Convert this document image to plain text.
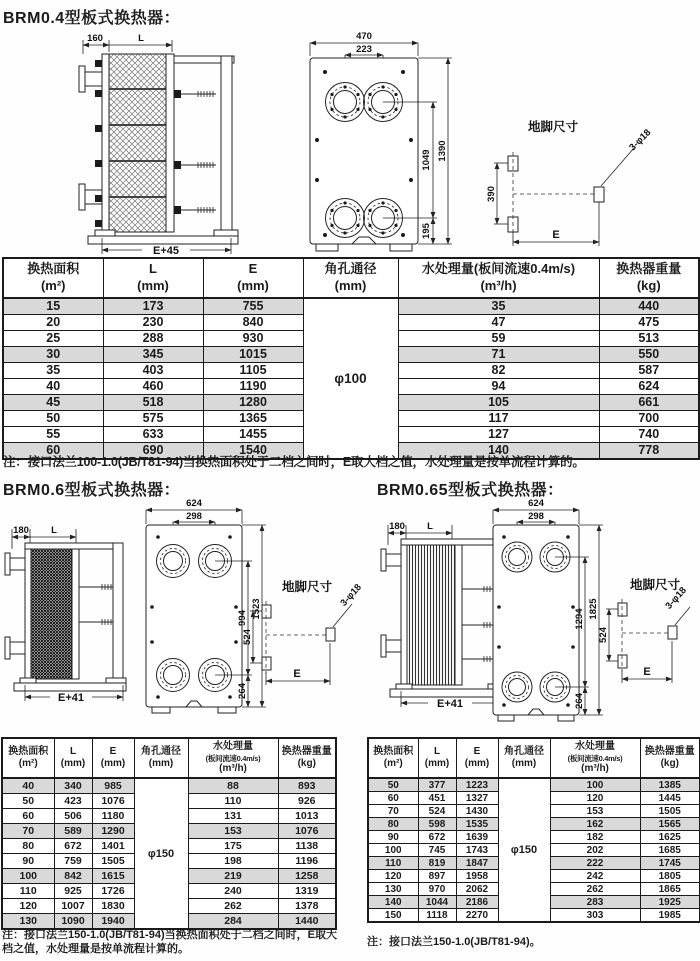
BRM0.4型板式换热器：
160	L
E+45
470
223
1049
195
1390
地脚尺寸
390
3-φ18
E
换热面积
(m²)

L
(mm)

E
(mm)

角孔通径
(mm)

水处理量(板间流速0.4m/s)
(m³/h)

换热器重量
(kg)

15	173	755	φ100	35	440
20	230	840		47	475
25	288	930		59	513
30	345	1015		71	550
35	403	1105		82	587
40	460	1190		94	624
45	518	1280		105	661
50	575	1365		117	700
55	633	1455		127	740
60	690	1540		140	778
注：接口法兰100-1.0(JB/T81-94)当换热面积处于二档之间时，E取大档之值，水处理量是按单流程计算的。
BRM0.6型板式换热器：	BRM0.65型板式换热器：
180 L
E+41
624
298
994
264
1523
地脚尺寸
524
3-φ18
E
180 L
E+41
624
298
1294
264
1825
地脚尺寸
524
3-φ18
E
换热面积
(m²)

L
(mm)

E
(mm)

角孔通径
(mm)

水处理量
(板间流速0.4m/s)
(m³/h)

换热器重量
(kg)

40	340	985	φ150	88	893
50	423	1076		110	926
60	506	1180		131	1013
70	589	1290		153	1076
80	672	1401		175	1138
90	759	1505		198	1196
100	842	1615		219	1258
110	925	1726		240	1319
120	1007	1830		262	1378
130	1090	1940		284	1440
换热面积
(m²)

L
(mm)

E
(mm)

角孔通径
(mm)

水处理量
(板间流速0.4m/s)
(m³/h)

换热器重量
(kg)

50	377	1223	φ150	100	1385
60	451	1327		120	1445
70	524	1430		153	1505
80	598	1535		162	1565
90	672	1639		182	1625
100	745	1743		202	1685
110	819	1847		222	1745
120	897	1958		242	1805
130	970	2062		262	1865
140	1044	2186		283	1925
150	1118	2270		303	1985
注：接口法兰150-1.0(JB/T81-94)当换热面积处于二档之间时，E取大档之值，水处理量是按单流程计算的。
注：接口法兰150-1.0(JB/T81-94)。
